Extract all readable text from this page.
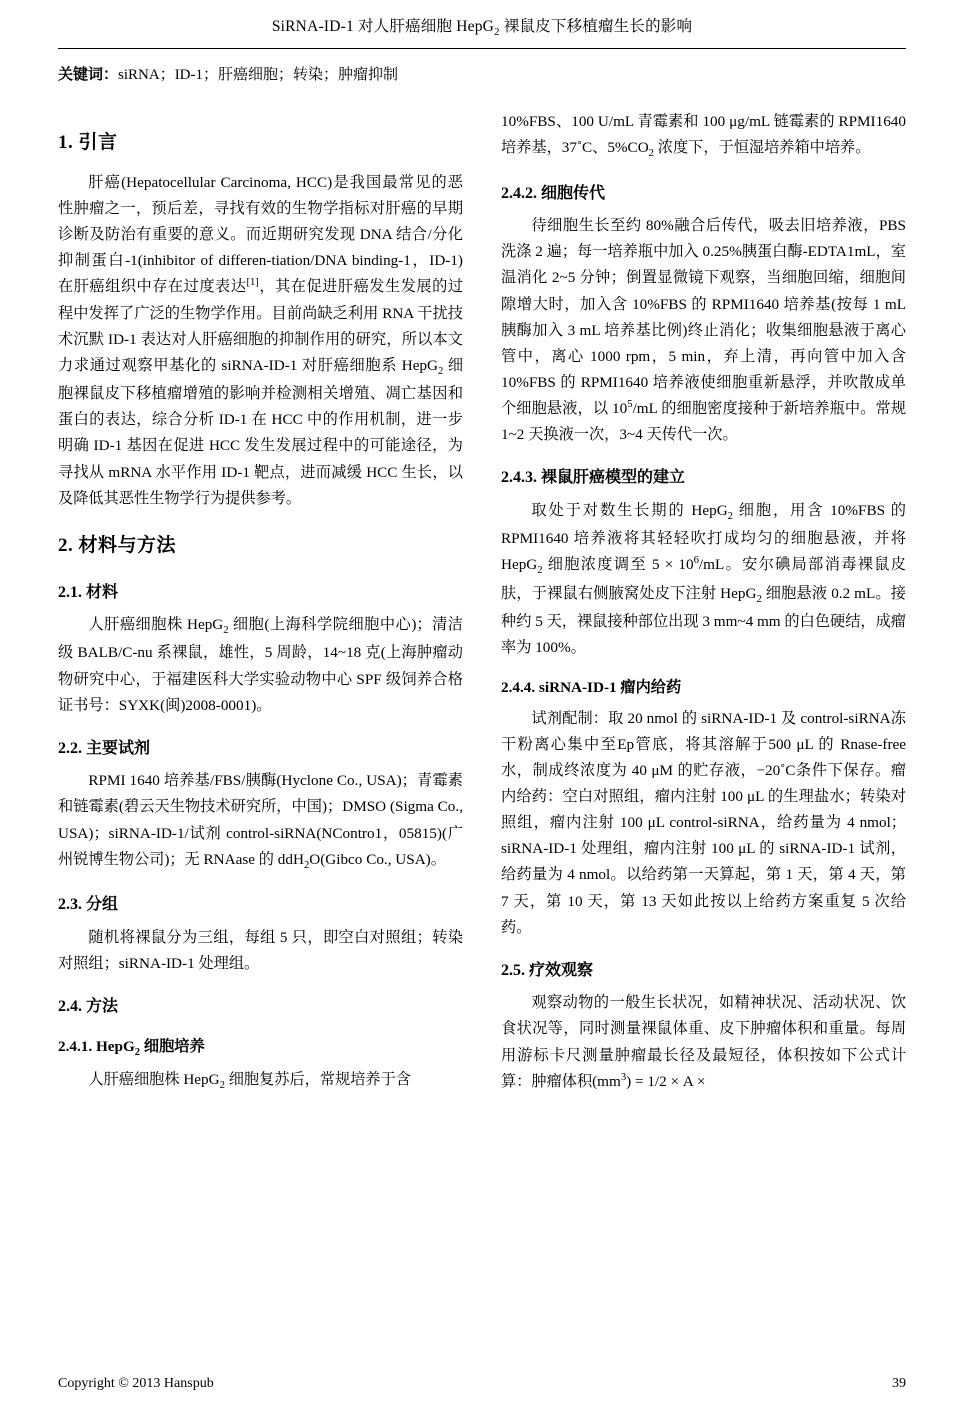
SiRNA-ID-1 对人肝癌细胞 HepG$_2$ 裸鼠皮下移植瘤生长的影响
关键词：siRNA；ID-1；肝癌细胞；转染；肿瘤抑制
1. 引言

肝癌(Hepatocellular Carcinoma, HCC)是我国最常见的恶性肿瘤之一，预后差，寻找有效的生物学指标对肝癌的早期诊断及防治有重要的意义。而近期研究发现 DNA 结合/分化抑制蛋白-1(inhibitor of differen-tiation/DNA binding-1，ID-1)在肝癌组织中存在过度表达[1]，其在促进肝癌发生发展的过程中发挥了广泛的生物学作用。目前尚缺乏利用 RNA 干扰技术沉默 ID-1 表达对人肝癌细胞的抑制作用的研究，所以本文力求通过观察甲基化的 siRNA-ID-1 对肝癌细胞系 HepG$_2$ 细胞裸鼠皮下移植瘤增殖的影响并检测相关增殖、凋亡基因和蛋白的表达，综合分析 ID-1 在 HCC 中的作用机制，进一步明确 ID-1 基因在促进 HCC 发生发展过程中的可能途径，为寻找从 mRNA 水平作用 ID-1 靶点，进而减缓 HCC 生长，以及降低其恶性生物学行为提供参考。

2. 材料与方法
2.1. 材料

人肝癌细胞株 HepG$_2$ 细胞(上海科学院细胞中心)；清洁级 BALB/C-nu 系裸鼠，雄性，5 周龄，14~18 克(上海肿瘤动物研究中心，于福建医科大学实验动物中心 SPF 级饲养合格证书号：SYXK(闽)2008-0001)。

2.2. 主要试剂

RPMI 1640 培养基/FBS/胰酶(Hyclone Co., USA)；青霉素和链霉素(碧云天生物技术研究所，中国)；DMSO (Sigma Co., USA)；siRNA-ID-1/试剂 control-siRNA(NContro1，05815)(广州锐博生物公司)；无 RNAase 的 ddH$_2$O(Gibco Co., USA)。

2.3. 分组

随机将裸鼠分为三组，每组 5 只，即空白对照组；转染对照组；siRNA-ID-1 处理组。

2.4. 方法
2.4.1. HepG$_2$ 细胞培养

人肝癌细胞株 HepG$_2$ 细胞复苏后，常规培养于含

10%FBS、100 U/mL 青霉素和 100 μg/mL 链霉素的 RPMI1640 培养基，37˚C、$5\%CO_2$ 浓度下，于恒湿培养箱中培养。

2.4.2. 细胞传代

待细胞生长至约 80%融合后传代，吸去旧培养液，PBS 洗涤 2 遍；每一培养瓶中加入 0.25%胰蛋白酶-EDTA1mL，室温消化 2~5 分钟；倒置显微镜下观察，当细胞回缩，细胞间隙增大时，加入含 10%FBS 的 RPMI1640 培养基(按每 1 mL 胰酶加入 3 mL 培养基比例)终止消化；收集细胞悬液于离心管中，离心 1000 rpm，5 min，弃上清，再向管中加入含 10%FBS 的 RPMI1640 培养液使细胞重新悬浮，并吹散成单个细胞悬液，以 $10^5/mL$ 的细胞密度接种于新培养瓶中。常规 1~2 天换液一次，3~4 天传代一次。

2.4.3. 裸鼠肝癌模型的建立

取处于对数生长期的 HepG$_2$ 细胞，用含 10%FBS 的 RPMI1640 培养液将其轻轻吹打成均匀的细胞悬液，并将 HepG$_2$ 细胞浓度调至 $5 \times 10^6/mL$。安尔碘局部消毒裸鼠皮肤，于裸鼠右侧腋窝处皮下注射 HepG$_2$ 细胞悬液 0.2 mL。接种约 5 天，裸鼠接种部位出现 3 mm~4 mm 的白色硬结，成瘤率为 100%。

2.4.4. siRNA-ID-1 瘤内给药

试剂配制：取 20 nmol 的 siRNA-ID-1 及 control-siRNA冻干粉离心集中至Ep管底，将其溶解于500 μL 的 Rnase-free 水，制成终浓度为 40 μM 的贮存液，−20˚C条件下保存。瘤内给药：空白对照组，瘤内注射 100 μL 的生理盐水；转染对照组，瘤内注射 100 μL control-siRNA，给药量为 4 nmol；siRNA-ID-1 处理组，瘤内注射 100 μL 的 siRNA-ID-1 试剂，给药量为 4 nmol。以给药第一天算起，第 1 天，第 4 天，第 7 天，第 10 天，第 13 天如此按以上给药方案重复 5 次给药。

2.5. 疗效观察

观察动物的一般生长状况，如精神状况、活动状况、饮食状况等，同时测量裸鼠体重、皮下肿瘤体积和重量。每周用游标卡尺测量肿瘤最长径及最短径，体积按如下公式计算：肿瘤体积$(mm^3) = 1/2 \times A$ ×

Copyright © 2013 Hanspub	39
